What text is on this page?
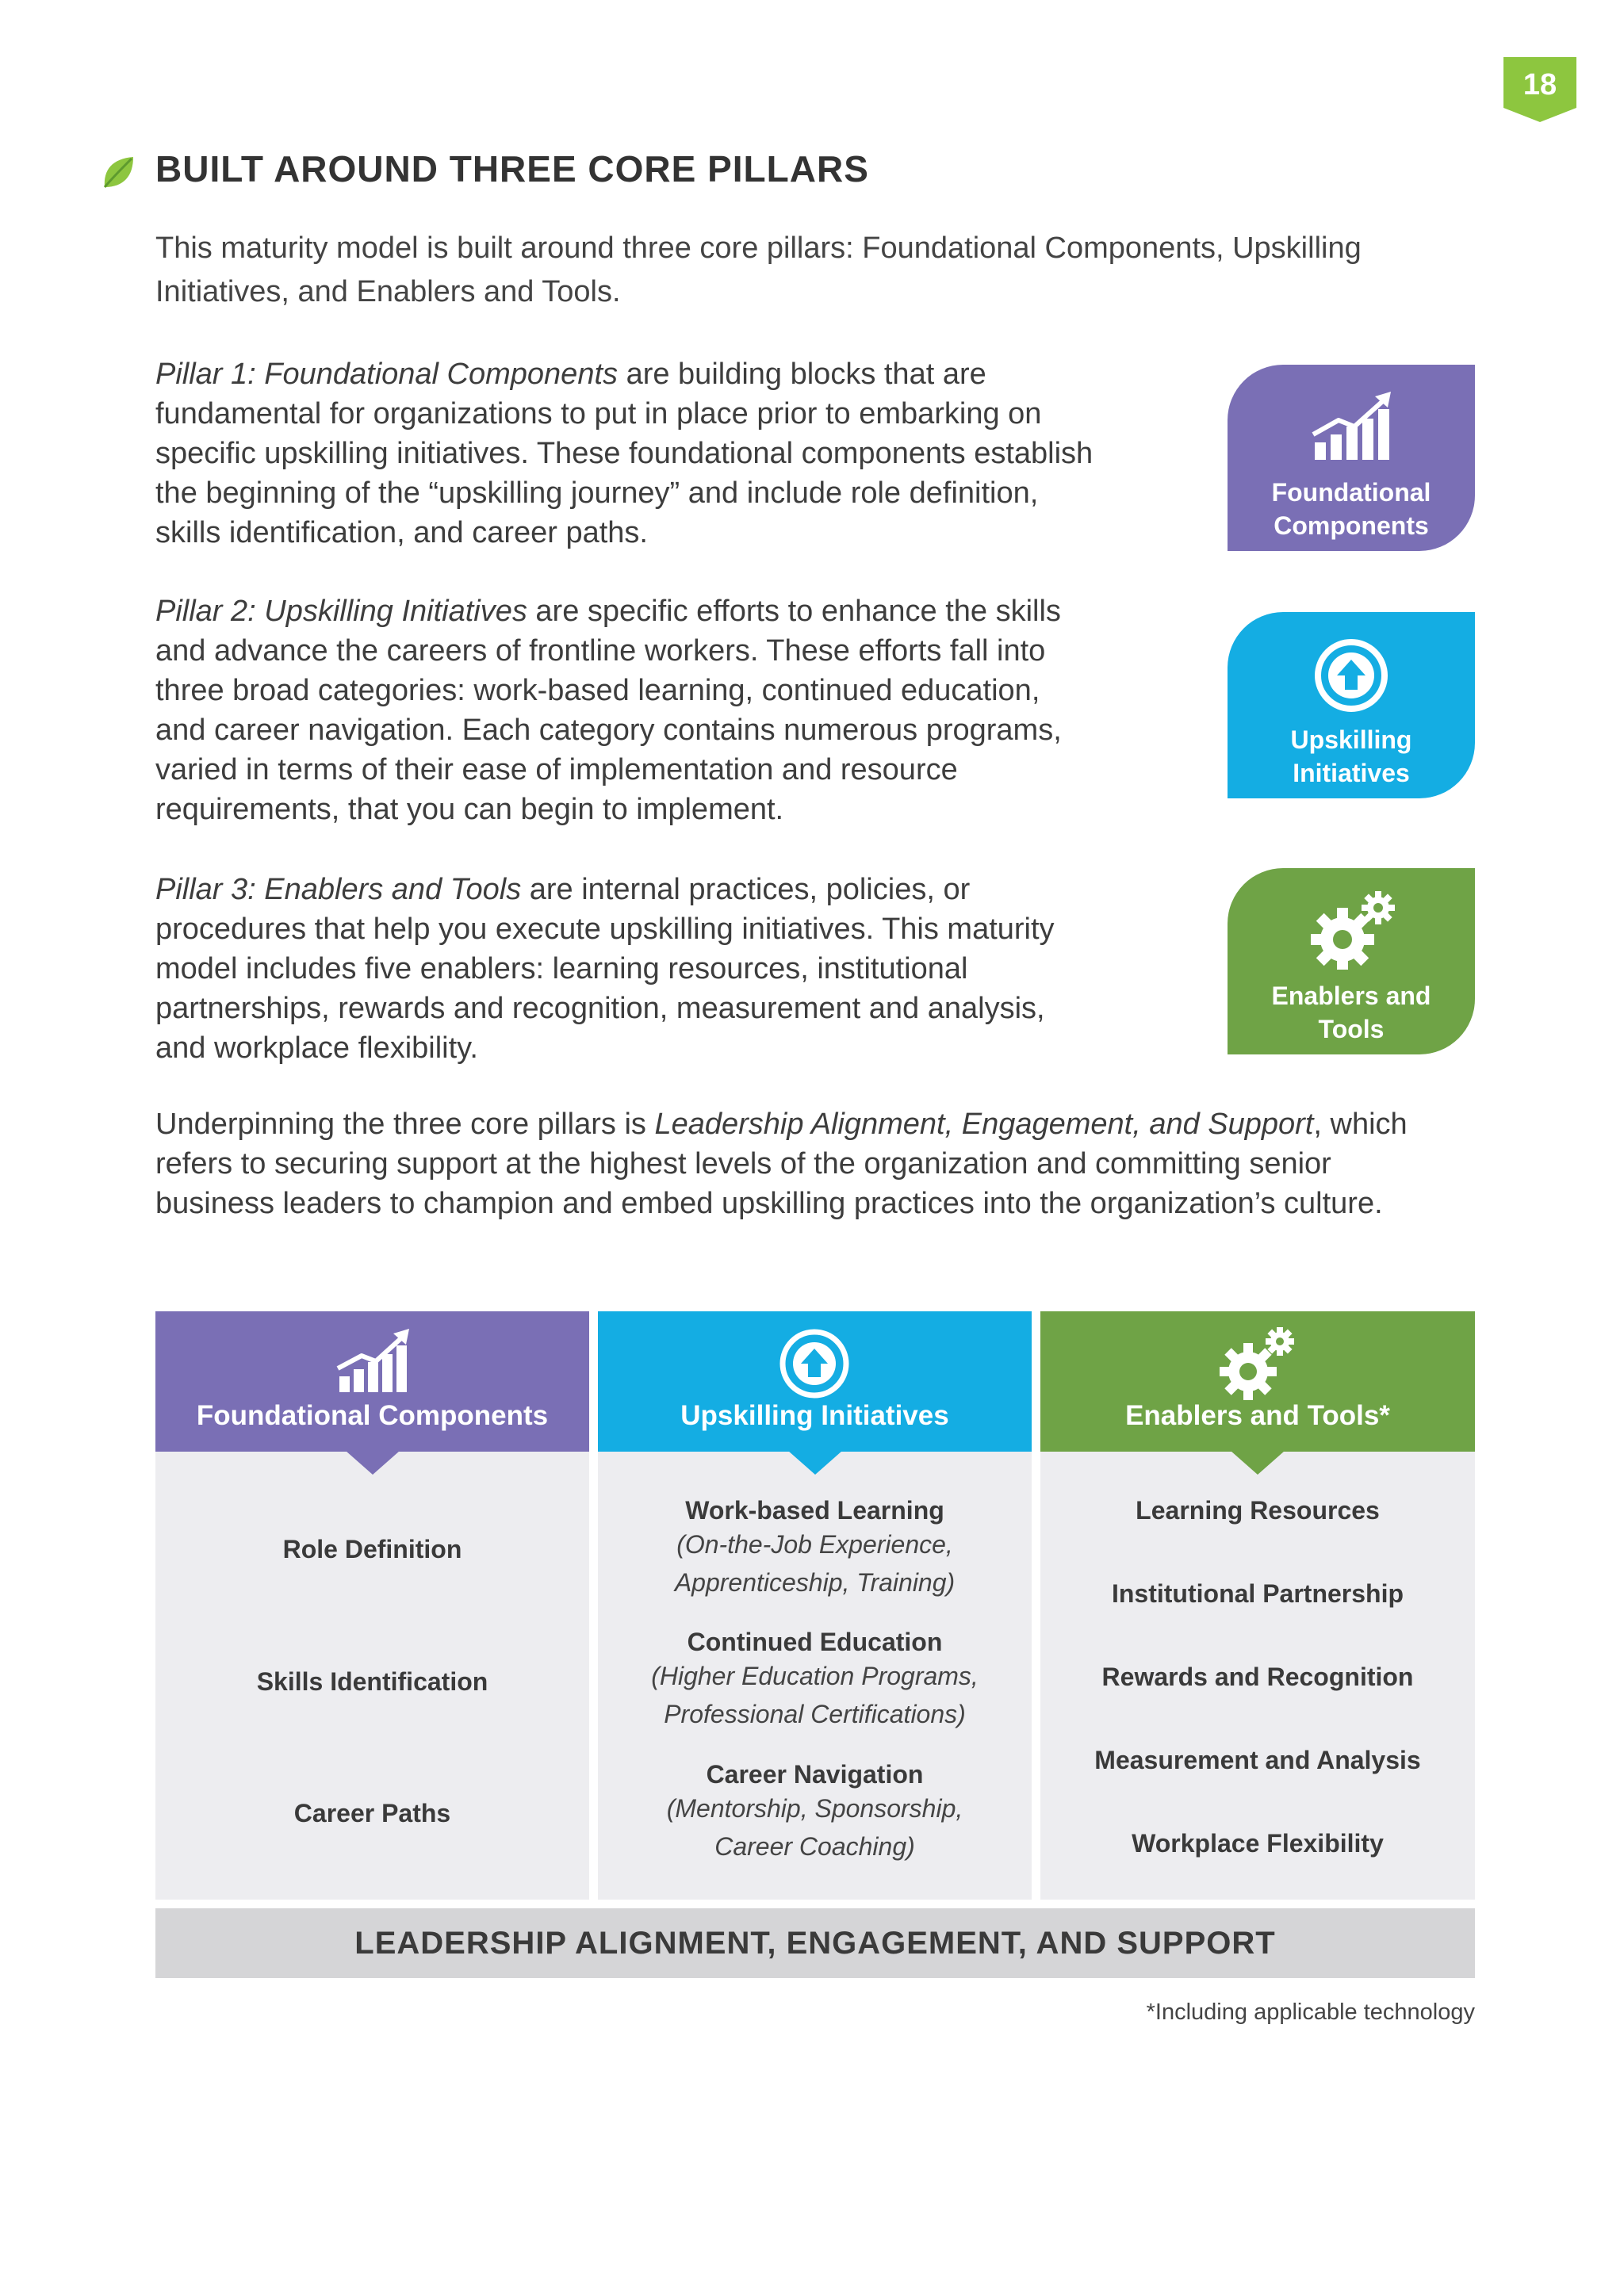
18
BUILT AROUND THREE CORE PILLARS
This maturity model is built around three core pillars: Foundational Components, Upskilling
Initiatives, and Enablers and Tools.
Pillar 1: Foundational Components are building blocks that are
fundamental for organizations to put in place prior to embarking on
specific upskilling initiatives. These foundational components establish
the beginning of the “upskilling journey” and include role definition,
skills identification, and career paths.
Pillar 2: Upskilling Initiatives are specific efforts to enhance the skills
and advance the careers of frontline workers. These efforts fall into
three broad categories: work-based learning, continued education,
and career navigation. Each category contains numerous programs,
varied in terms of their ease of implementation and resource
requirements, that you can begin to implement.
Pillar 3: Enablers and Tools are internal practices, policies, or
procedures that help you execute upskilling initiatives. This maturity
model includes five enablers: learning resources, institutional
partnerships, rewards and recognition, measurement and analysis,
and workplace flexibility.
Underpinning the three core pillars is Leadership Alignment, Engagement, and Support, which
refers to securing support at the highest levels of the organization and committing senior
business leaders to champion and embed upskilling practices into the organization’s culture.
Foundational
Components
Upskilling
Initiatives
Enablers and
Tools
Role Definition
Skills Identification
Career Paths
Foundational Components
Work-based Learning
(On-the-Job Experience,
Apprenticeship, Training)
Continued Education
(Higher Education Programs,
Professional Certifications)
Career Navigation
(Mentorship, Sponsorship,
Career Coaching)
Upskilling Initiatives
Learning Resources
Institutional Partnership
Rewards and Recognition
Measurement and Analysis
Workplace Flexibility
Enablers and Tools*
LEADERSHIP ALIGNMENT, ENGAGEMENT, AND SUPPORT
*Including applicable technology
